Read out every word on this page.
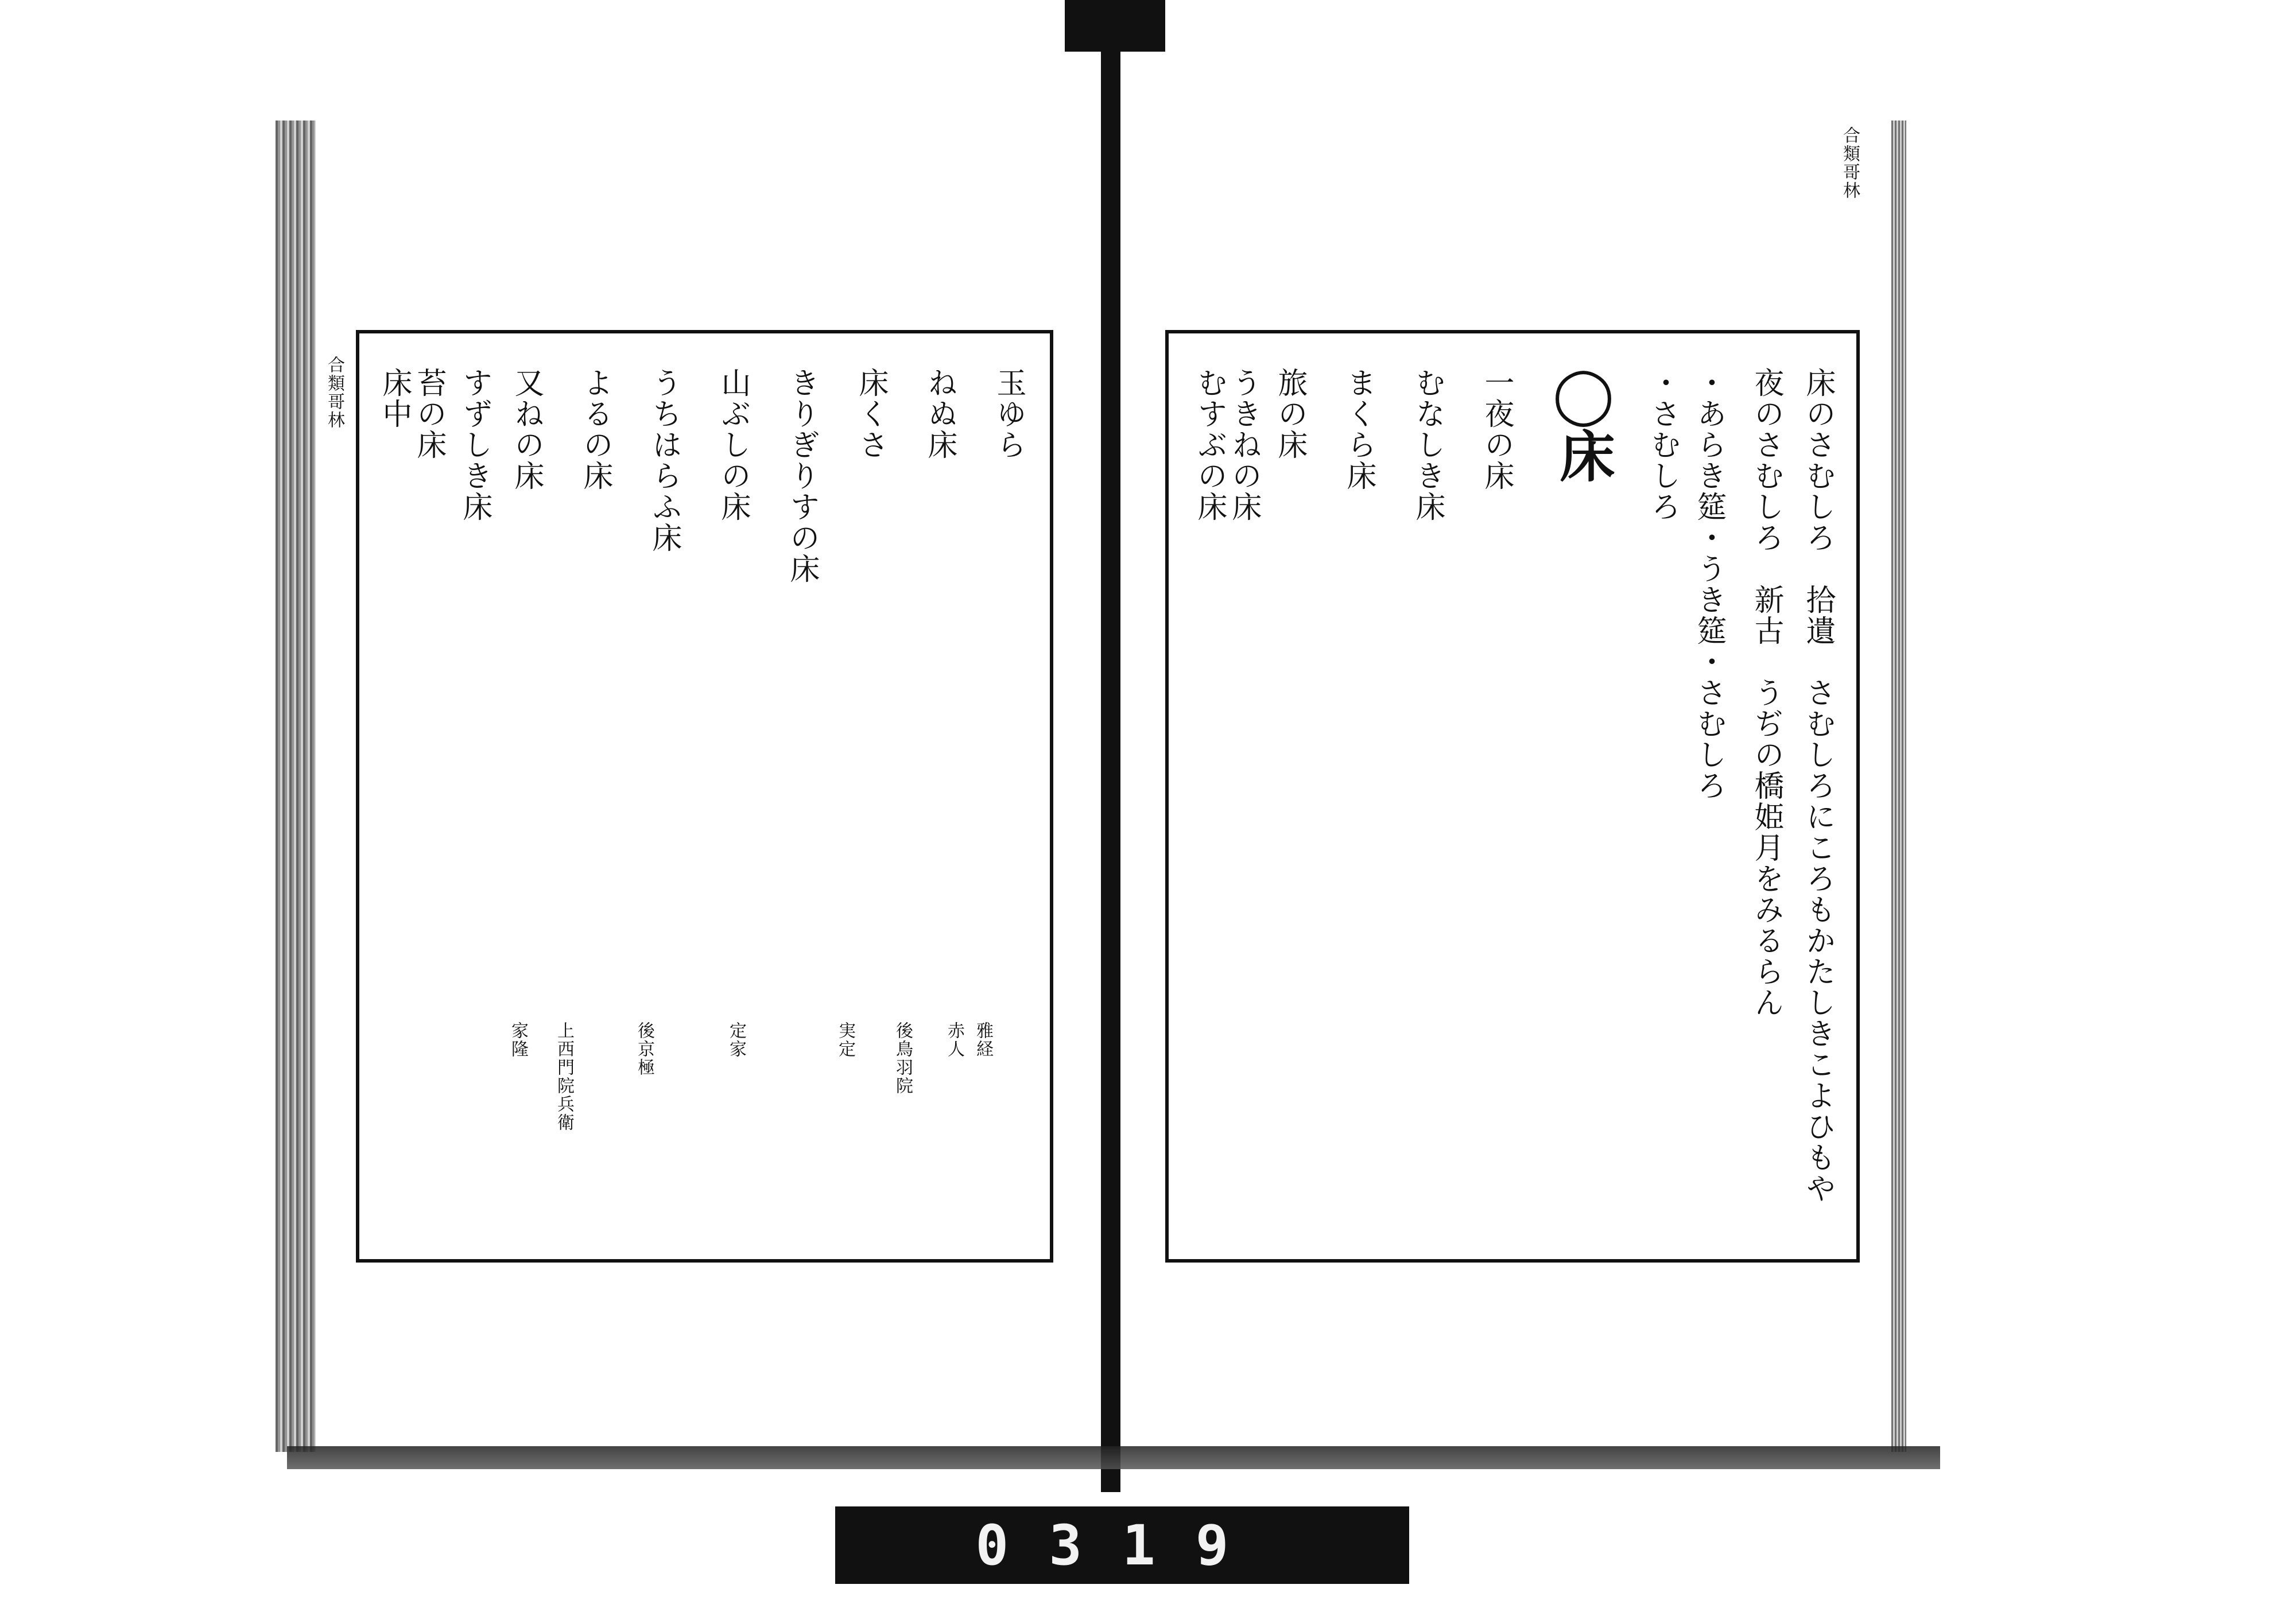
合類哥林
床のさむしろ　拾遺　さむしろにころもかたしきこよひもや
夜のさむしろ　新古　うぢの橋姫月をみるらん
・あらき筵・うき筵・さむしろ
・さむしろ
◯床
一夜の床
むなしき床
まくら床
旅の床
うきねの床
むすぶの床
合類哥林	玉ゆら
ねぬ床
床くさ
きりぎりすの床
山ぶしの床
うちはらふ床
よるの床
又ねの床
すずしき床
苔の床
床中
雅経
赤人
後鳥羽院
実定
定家
後京極
上西門院兵衛
家隆
0319
